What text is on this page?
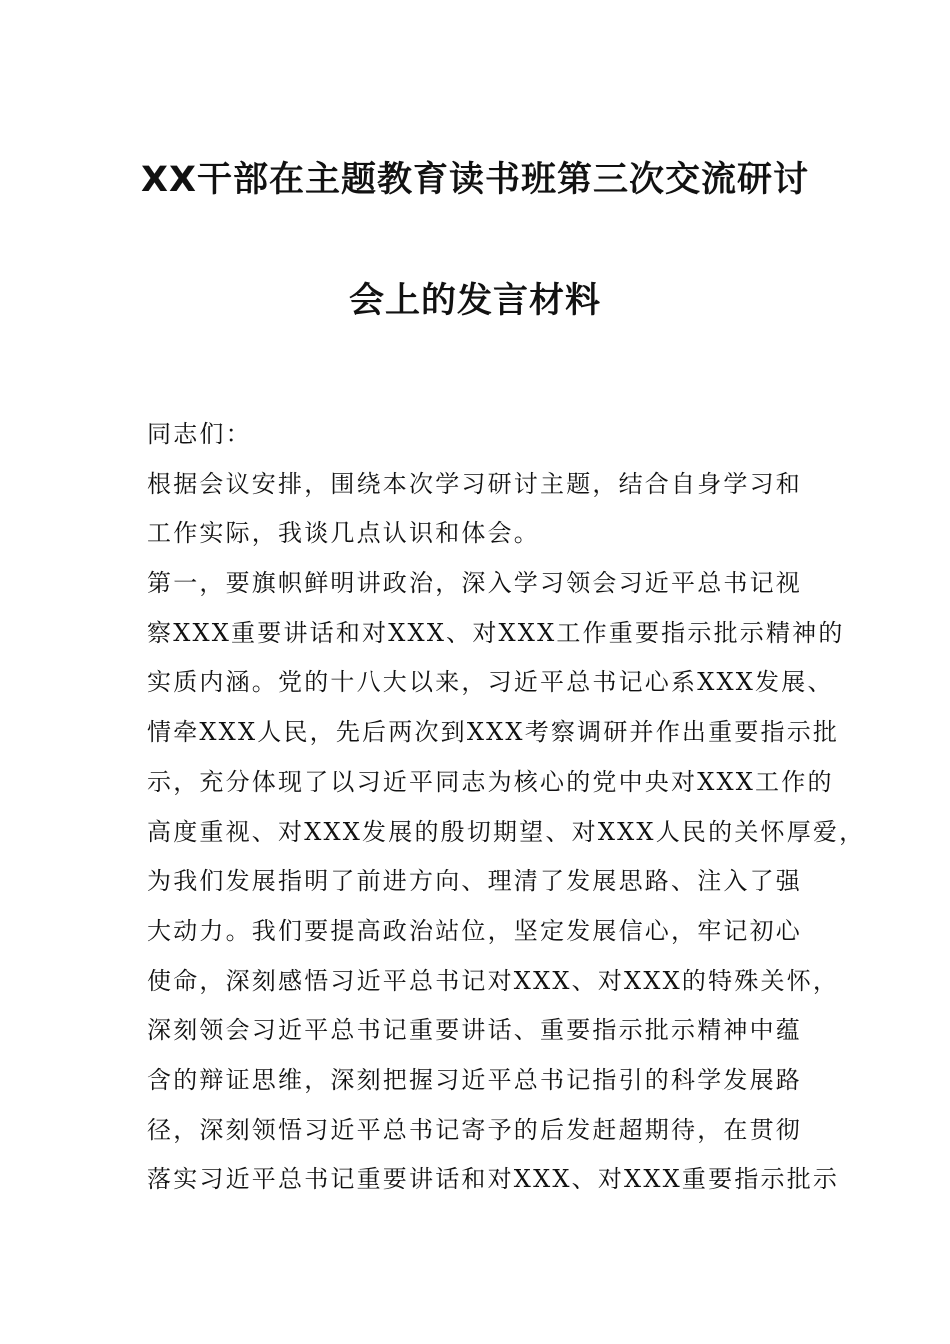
XX干部在主题教育读书班第三次交流研讨
会上的发言材料
同志们：
根据会议安排，围绕本次学习研讨主题，结合自身学习和
工作实际，我谈几点认识和体会。
第一，要旗帜鲜明讲政治，深入学习领会习近平总书记视
察XXX重要讲话和对XXX、对XXX工作重要指示批示精神的
实质内涵。党的十八大以来，习近平总书记心系XXX发展、
情牵XXX人民，先后两次到XXX考察调研并作出重要指示批
示，充分体现了以习近平同志为核心的党中央对XXX工作的
高度重视、对XXX发展的殷切期望、对XXX人民的关怀厚爱，
为我们发展指明了前进方向、理清了发展思路、注入了强
大动力。我们要提高政治站位，坚定发展信心，牢记初心
使命，深刻感悟习近平总书记对XXX、对XXX的特殊关怀，
深刻领会习近平总书记重要讲话、重要指示批示精神中蕴
含的辩证思维，深刻把握习近平总书记指引的科学发展路
径，深刻领悟习近平总书记寄予的后发赶超期待，在贯彻
落实习近平总书记重要讲话和对XXX、对XXX重要指示批示
